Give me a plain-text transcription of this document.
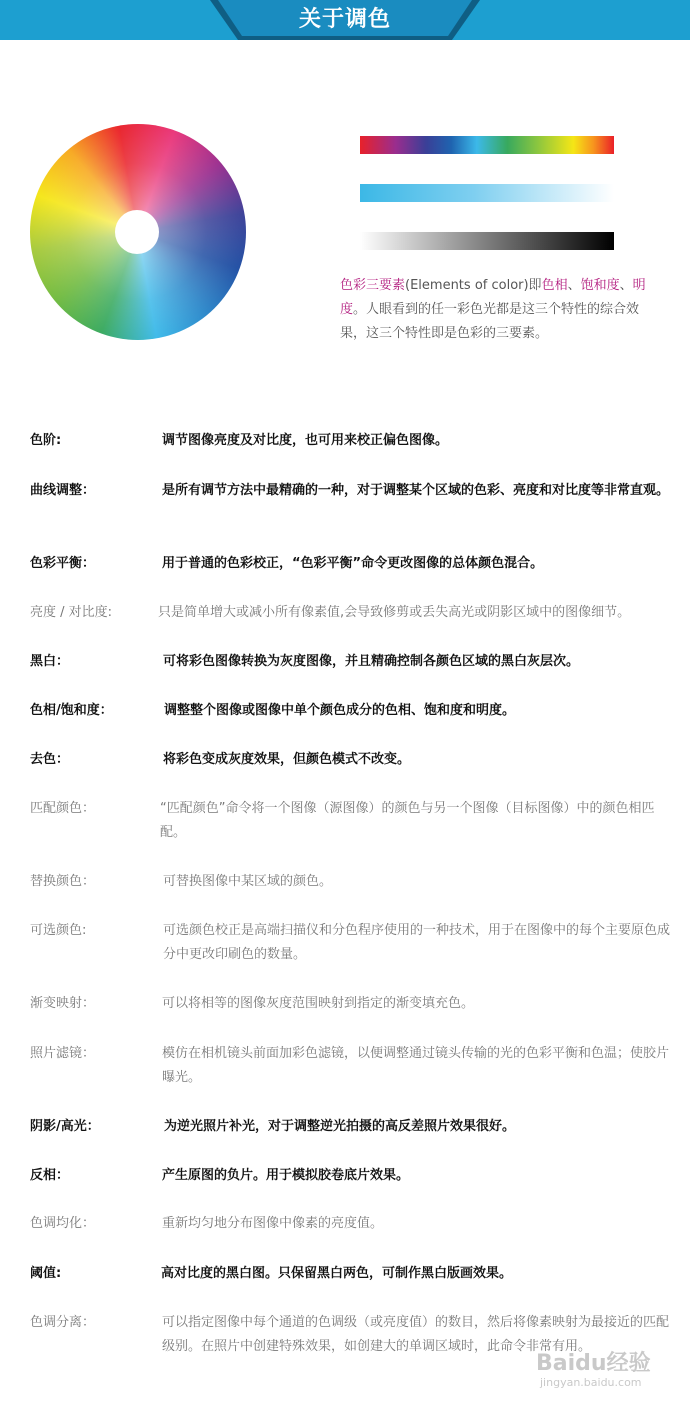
关于调色
色彩三要素(Elements of color)即色相、饱和度、明度。人眼看到的任一彩色光都是这三个特性的综合效果，这三个特性即是色彩的三要素。
色阶:	调节图像亮度及对比度，也可用来校正偏色图像。
曲线调整：	是所有调节方法中最精确的一种，对于调整某个区域的色彩、亮度和对比度等非常直观。
色彩平衡：	用于普通的色彩校正，“色彩平衡”命令更改图像的总体颜色混合。
亮度 / 对比度:	只是简单增大或减小所有像素值,会导致修剪或丢失高光或阴影区域中的图像细节。
黑白：	可将彩色图像转换为灰度图像，并且精确控制各颜色区域的黑白灰层次。
色相/饱和度：	调整整个图像或图像中单个颜色成分的色相、饱和度和明度。
去色：	将彩色变成灰度效果，但颜色模式不改变。
匹配颜色：	“匹配颜色”命令将一个图像（源图像）的颜色与另一个图像（目标图像）中的颜色相匹配。
替换颜色：	可替换图像中某区域的颜色。
可选颜色:	可选颜色校正是高端扫描仪和分色程序使用的一种技术，用于在图像中的每个主要原色成分中更改印刷色的数量。
渐变映射：	可以将相等的图像灰度范围映射到指定的渐变填充色。
照片滤镜：	模仿在相机镜头前面加彩色滤镜，以便调整通过镜头传输的光的色彩平衡和色温；使胶片曝光。
阴影/高光：	为逆光照片补光，对于调整逆光拍摄的高反差照片效果很好。
反相：	产生原图的负片。用于模拟胶卷底片效果。
色调均化：	重新均匀地分布图像中像素的亮度值。
阈值:	高对比度的黑白图。只保留黑白两色，可制作黑白版画效果。
色调分离：	可以指定图像中每个通道的色调级（或亮度值）的数目，然后将像素映射为最接近的匹配级别。在照片中创建特殊效果，如创建大的单调区域时，此命令非常有用。
Baidu经验
jingyan.baidu.com
